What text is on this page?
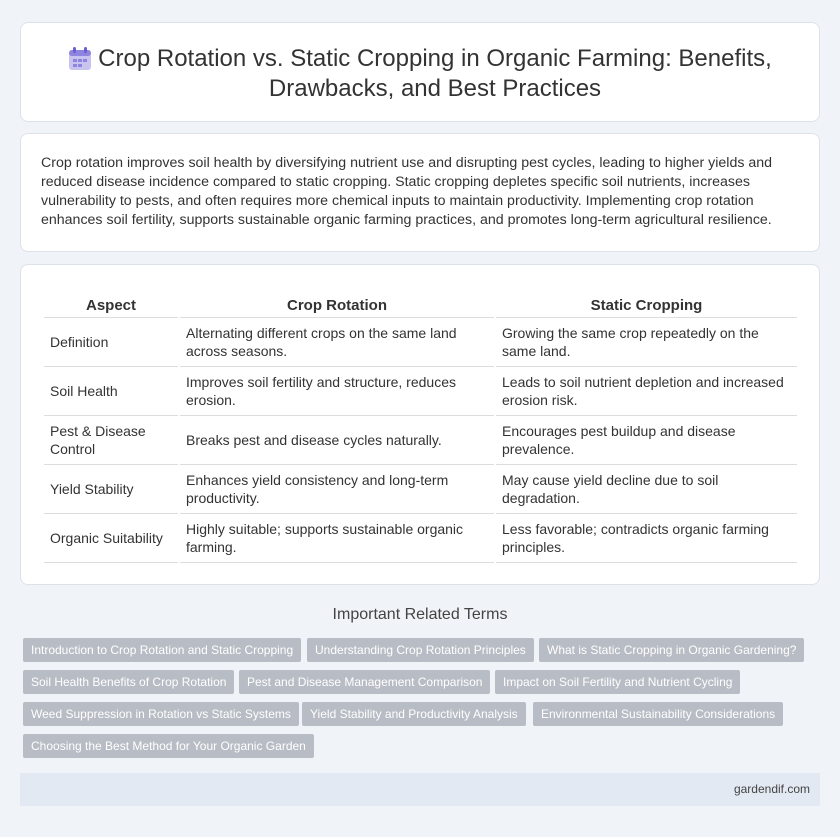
Crop Rotation vs. Static Cropping in Organic Farming: Benefits, Drawbacks, and Best Practices

Crop rotation improves soil health by diversifying nutrient use and disrupting pest cycles, leading to higher yields and reduced disease incidence compared to static cropping. Static cropping depletes specific soil nutrients, increases vulnerability to pests, and often requires more chemical inputs to maintain productivity. Implementing crop rotation enhances soil fertility, supports sustainable organic farming practices, and promotes long-term agricultural resilience.

Aspect	Crop Rotation	Static Cropping
Definition	Alternating different crops on the same land across seasons.	Growing the same crop repeatedly on the same land.
Soil Health	Improves soil fertility and structure, reduces erosion.	Leads to soil nutrient depletion and increased erosion risk.
Pest & Disease Control	Breaks pest and disease cycles naturally.	Encourages pest buildup and disease prevalence.
Yield Stability	Enhances yield consistency and long-term productivity.	May cause yield decline due to soil degradation.
Organic Suitability	Highly suitable; supports sustainable organic farming.	Less favorable; contradicts organic farming principles.
Important Related Terms
Introduction to Crop Rotation and Static Cropping	Understanding Crop Rotation Principles	What is Static Cropping in Organic Gardening?
Soil Health Benefits of Crop Rotation	Pest and Disease Management Comparison	Impact on Soil Fertility and Nutrient Cycling
Weed Suppression in Rotation vs Static Systems	Yield Stability and Productivity Analysis	Environmental Sustainability Considerations
Choosing the Best Method for Your Organic Garden
gardendif.com
